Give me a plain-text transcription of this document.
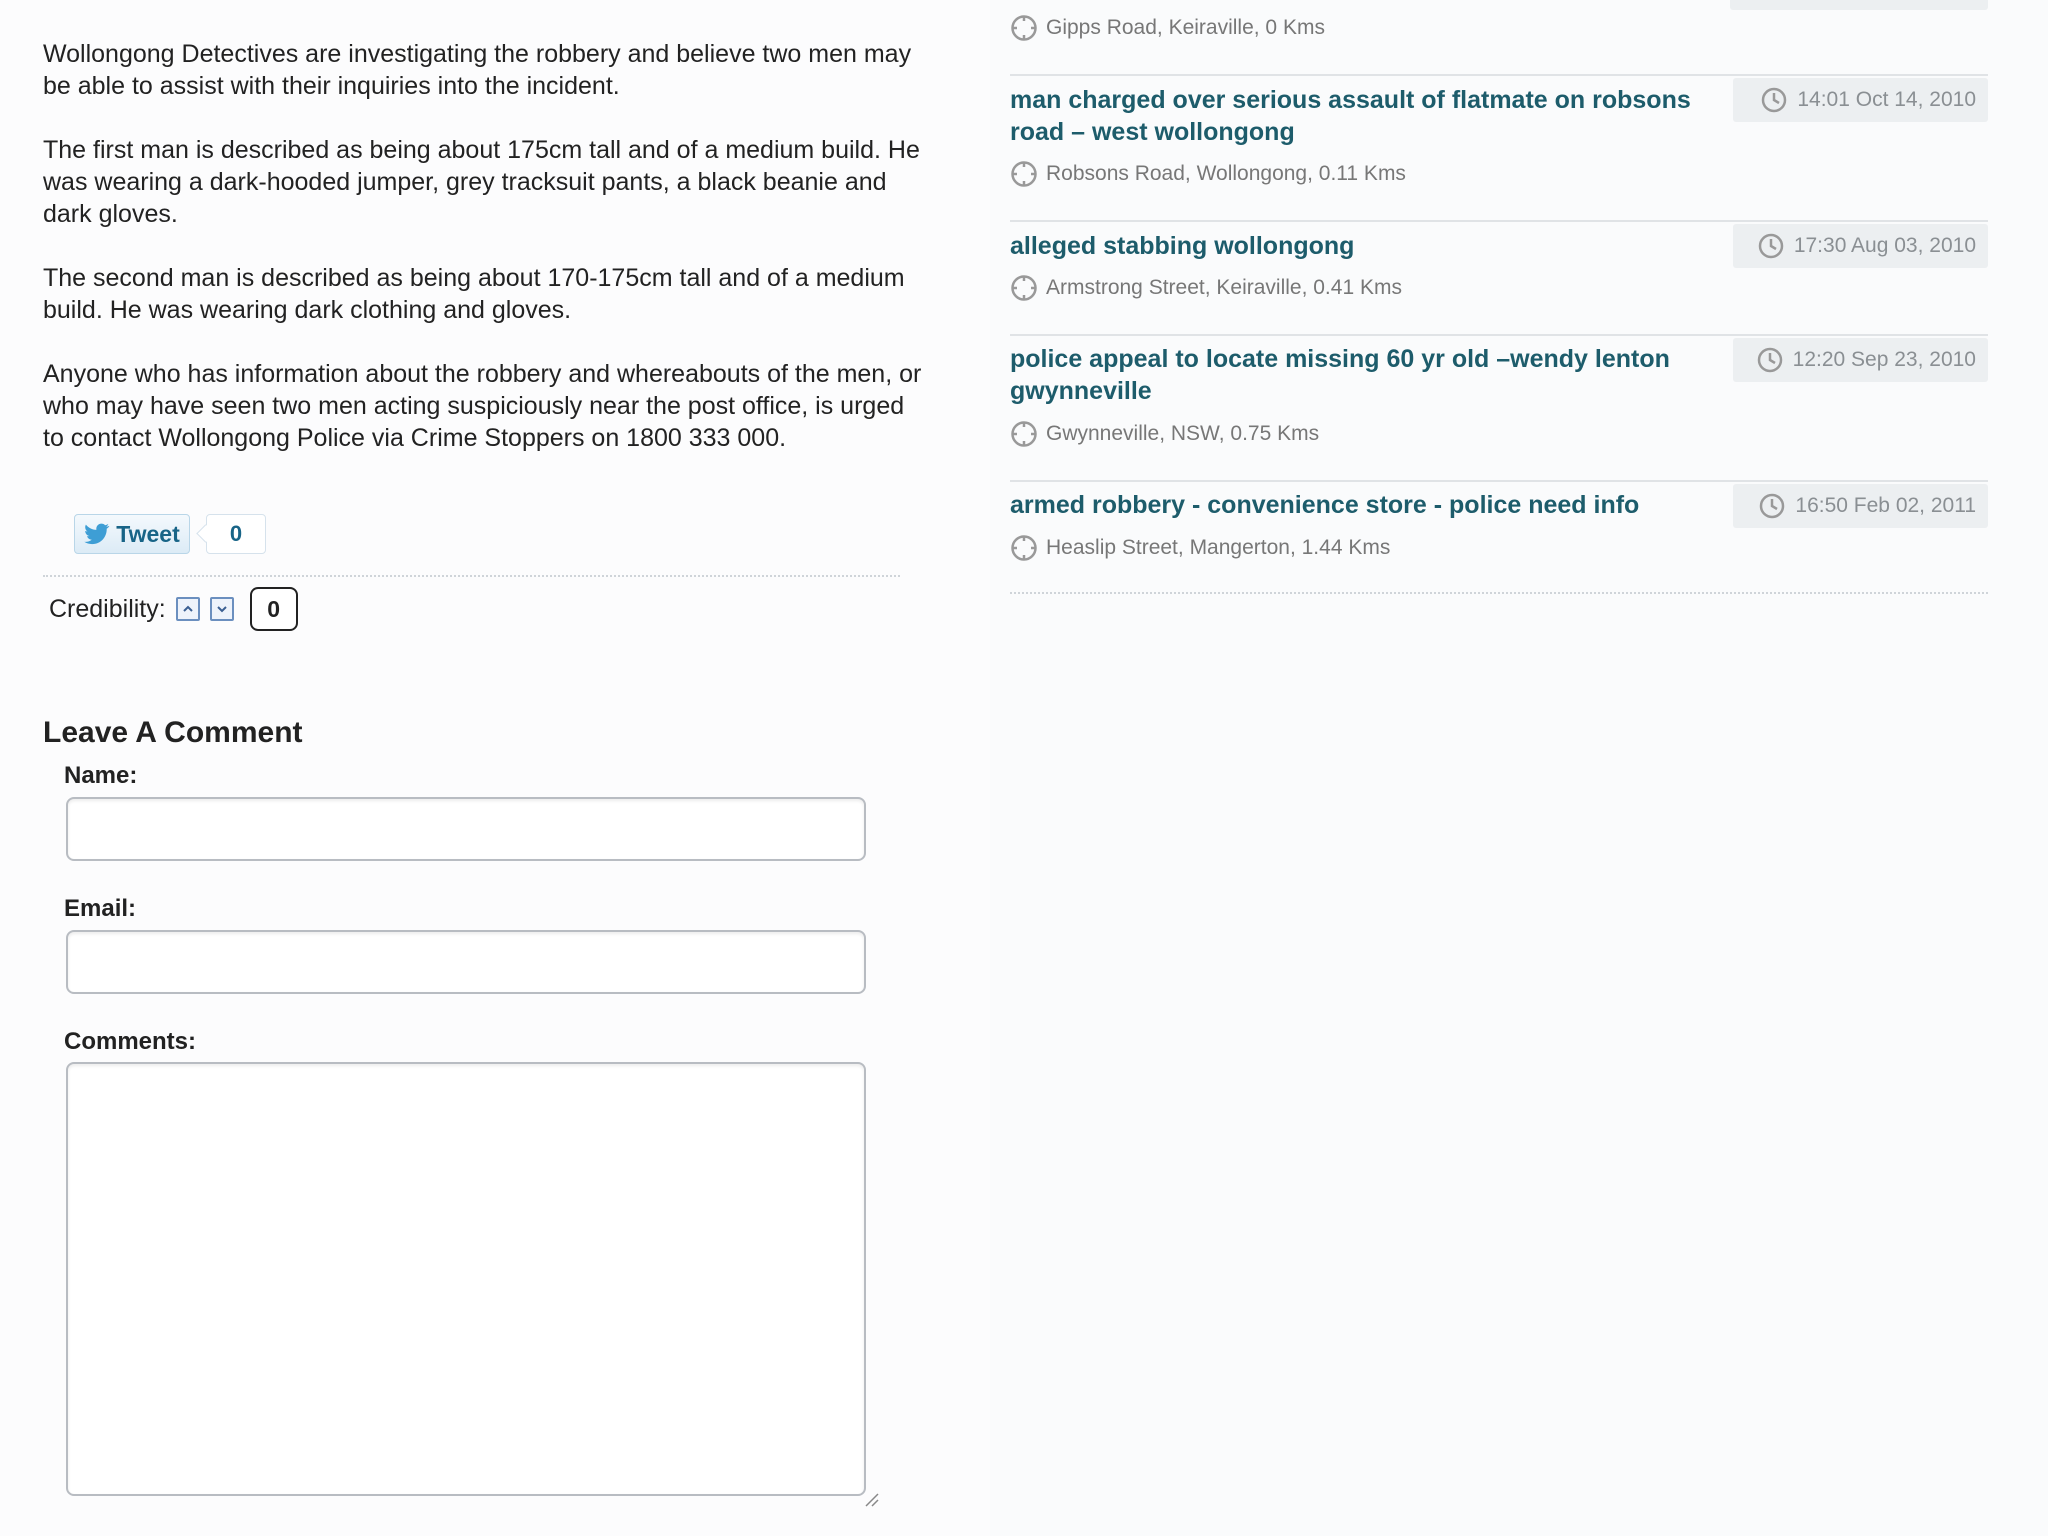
Wollongong Detectives are investigating the robbery and believe two men may be able to assist with their inquiries into the incident.

The first man is described as being about 175cm tall and of a medium build. He was wearing a dark-hooded jumper, grey tracksuit pants, a black beanie and dark gloves.

The second man is described as being about 170-175cm tall and of a medium build. He was wearing dark clothing and gloves.

Anyone who has information about the robbery and whereabouts of the men, or who may have seen two men acting suspiciously near the post office, is urged to contact Wollongong Police via Crime Stoppers on 1800 333 000.

Tweet	0
Credibility:	0
Leave A Comment
Name:
Email:
Comments:
Gipps Road, Keiraville, 0 Kms
man charged over serious assault of flatmate on robsons road – west wollongong
14:01 Oct 14, 2010
Robsons Road, Wollongong, 0.11 Kms
alleged stabbing wollongong	17:30 Aug 03, 2010
Armstrong Street, Keiraville, 0.41 Kms
police appeal to locate missing 60 yr old –wendy lenton gwynneville
12:20 Sep 23, 2010
Gwynneville, NSW, 0.75 Kms
armed robbery - convenience store - police need info	16:50 Feb 02, 2011
Heaslip Street, Mangerton, 1.44 Kms
